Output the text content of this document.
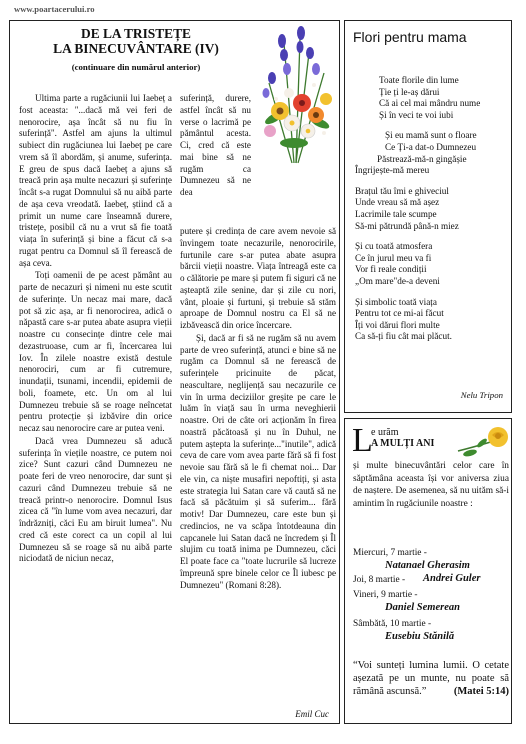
www.poartacerului.ro
DE LA TRISTEȚE
LA BINECUVÂNTARE (IV)
(continuare din numărul anterior)

Ultima parte a rugăciunii lui Iaebeț a fost aceasta: "...dacă mă vei feri de nenorocire, așa încât să nu fiu în suferință". Astfel am ajuns la ultimul subiect din rugăciunea lui Iaebeț pe care vrem să îl abordăm, și anume, suferința. E greu de spus dacă Iaebeț a ajuns să treacă prin așa multe necazuri și suferințe încât s-a rugat Domnului să nu aibă parte de așa ceva vreodată. Iaebeț, știind că a primit un nume care înseamnă durere, tristețe, posibil că nu a vrut să fie toată viața în suferință și bine a făcut că s-a rugat pentru ca Domnul să îl ferească de așa ceva.

Toți oamenii de pe acest pământ au parte de necazuri și nimeni nu este scutit de suferințe. Un necaz mai mare, dacă pot să zic așa, ar fi nenorocirea, adică o năpastă care s-ar putea abate asupra vieții noastre cu consecințe dintre cele mai dezastruoase, cum ar fi, încercarea lui Iov. În zilele noastre există destule nenorociri, cum ar fi cutremure, inundații, tsunami, incendii, epidemii de boli, foamete, etc. Un om al lui Dumnezeu trebuie să se roage neîncetat pentru protecție și izbăvire din orice necaz sau nenorocire care ar putea veni.

Dacă vrea Dumnezeu să aducă suferința în viețile noastre, ce putem noi zice? Sunt cazuri când Dumnezeu ne poate feri de vreo nenorocire, dar sunt și cazuri când Dumnezeu trebuie să ne treacă printr-o nenorocire. Domnul Isus zicea că "în lume vom avea necazuri, dar îndrăzniți, căci Eu am biruit lumea". Nu cred că este corect ca un copil al lui Dumnezeu să se roage să nu aibă parte niciodată de niciun necaz,

suferință, durere, astfel încât să nu verse o lacrimă pe pământul acesta. Ci, cred că este mai bine să ne rugăm ca Dumnezeu să ne dea

putere și credința de care avem nevoie să învingem toate necazurile, nenorocirile, furtunile care s-ar putea abate asupra bărcii vieții noastre. Viața întreagă este ca o călătorie pe mare și putem fi siguri că ne așteaptă zile senine, dar și zile cu nori, vânt, ploaie și furtuni, și trebuie să stăm aproape de Domnul nostru ca El să ne izbăvească din orice încercare.

Și, dacă ar fi să ne rugăm să nu avem parte de vreo suferință, atunci e bine să ne rugăm ca Domnul să ne ferească de suferințele pricinuite de păcat, neascultare, neglijență sau necazurile ce vin în urma deciziilor greșite pe care le luăm în viață sau în urma neveghierii noastre. Ori de câte ori acționăm în firea noastră păcătoasă și nu în Duhul, ne putem aștepta la suferințe..."inutile", adică ceva de care vom avea parte fără să fi fost nevoie sau fără să le fi chemat noi... Dar ele vin, ca niște musafiri nepoftiți, și asta este strategia lui Satan care vă caută să ne facă să păcătuim și să suferim... fără motiv! Dar Dumnezeu, care este bun și credincios, ne va scăpa întotdeauna din capcanele lui Satan dacă ne încredem și Îl slujim cu toată inima pe Dumnezeu, căci El poate face ca "toate lucrurile să lucreze împreună spre binele celor ce Îl iubesc pe Dumnezeu" (Romani 8:28).

Emil Cuc
Flori pentru mama
Toate florile din lume
Ție ți le-aș dărui
Că ai cel mai mândru nume
Și în veci te voi iubi

Și eu mamă sunt o floare
Ce Ți-a dat-o Dumnezeu
Păstrează-mă-n gingășie
Îngrijește-mă mereu

Brațul tău îmi e ghiveciul
Unde vreau să mă așez
Lacrimile tale scumpe
Să-mi pătrundă până-n miez

Și cu toată atmosfera
Ce în jurul meu va fi
Vor fi reale condiții
„Om mare"de-a deveni

Și simbolic toată viața
Pentru tot ce mi-ai făcut
Îți voi dărui flori multe
Ca să-ți fiu cât mai plăcut.
Nelu Tripon
L
e urăm
A MULȚI ANI
și multe binecuvântări celor care în săptămâna aceasta își vor aniversa ziua de naștere. De asemenea, să nu uităm să-i amintim în rugăciunile noastre :
Miercuri, 7 martie -
Natanael Gherasim
Joi, 8 martie - Andrei Guler
Vineri, 9 martie -
Daniel Semerean
Sâmbătă, 10 martie -
Eusebiu Stănilă
“Voi sunteți lumina lumii. O cetate așezată pe un munte, nu poate să rămână ascunsă.”	(Matei 5:14)
